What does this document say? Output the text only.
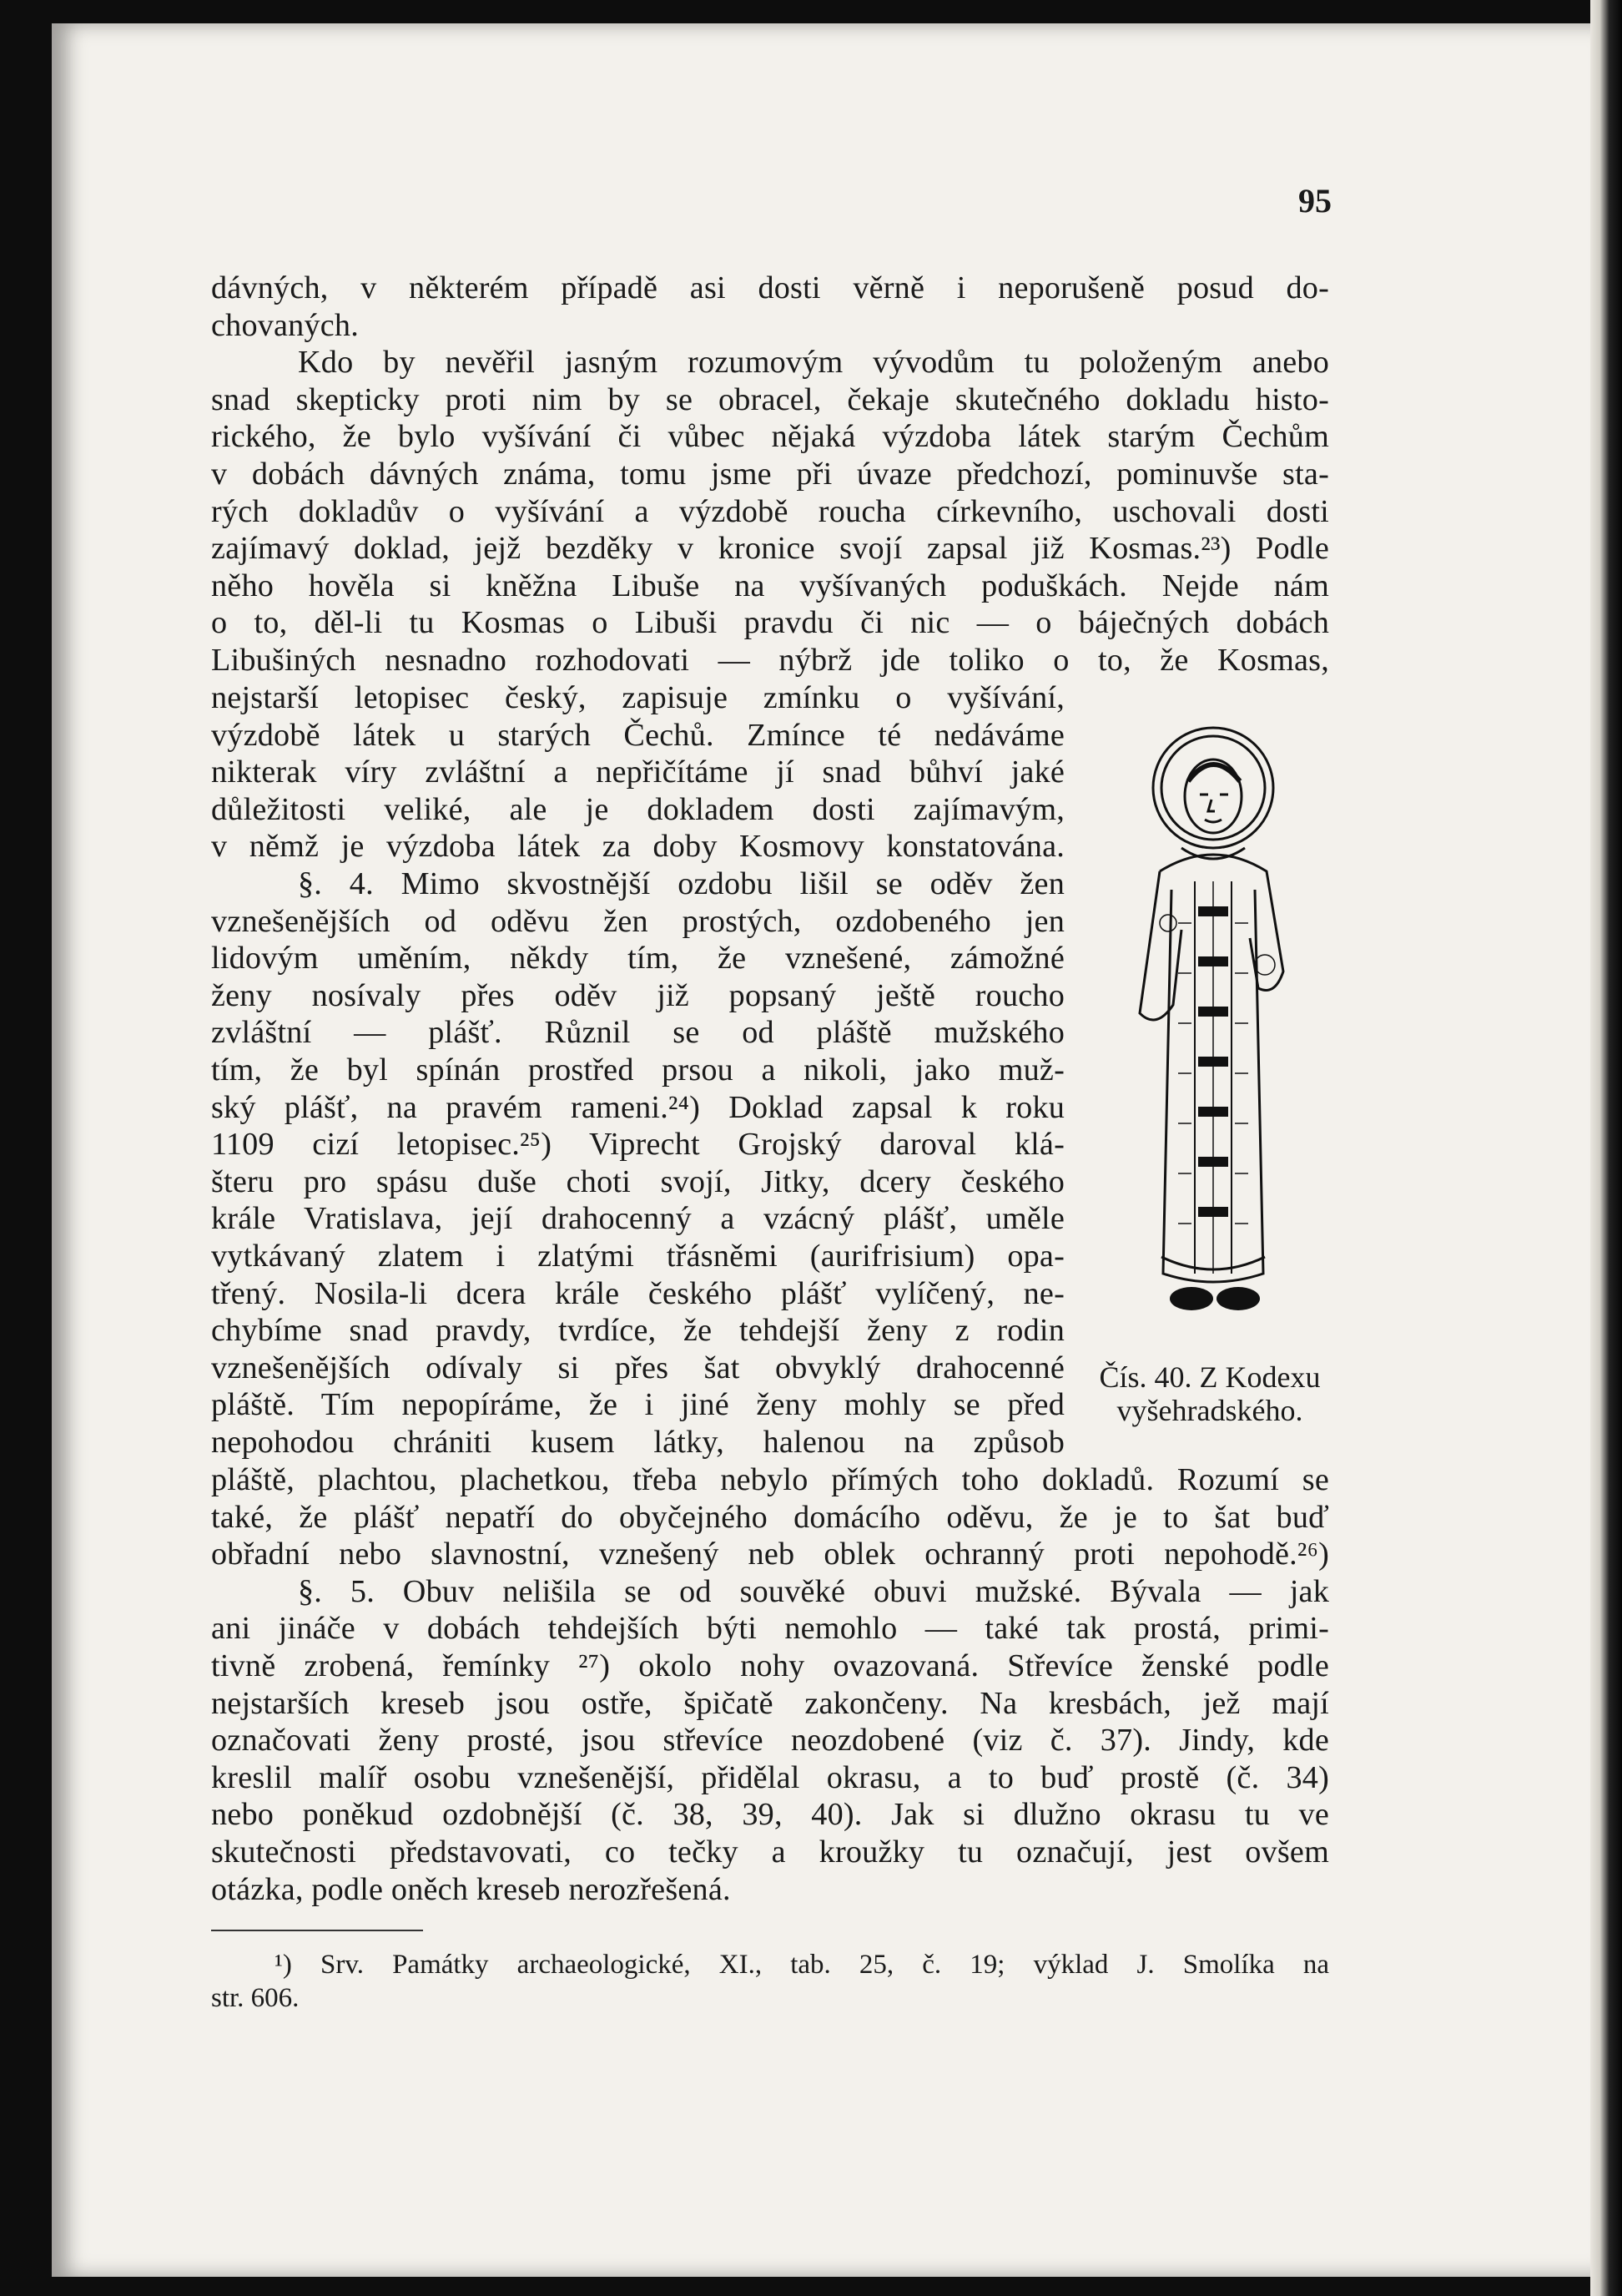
95
dávných, v některém případě asi dosti věrně i neporušeně posud do-
chovaných.
Kdo by nevěřil jasným rozumovým vývodům tu položeným anebo
snad skepticky proti nim by se obracel, čekaje skutečného dokladu histo-
rického, že bylo vyšívání či vůbec nějaká výzdoba látek starým Čechům
v dobách dávných známa, tomu jsme při úvaze předchozí, pominuvše sta-
rých dokladův o vyšívání a výzdobě roucha církevního, uschovali dosti
zajímavý doklad, jejž bezděky v kronice svojí zapsal již Kosmas.²³) Podle
něho hověla si kněžna Libuše na vyšívaných poduškách. Nejde nám
o to, děl-li tu Kosmas o Libuši pravdu či nic — o báječných dobách
Libušiných nesnadno rozhodovati — nýbrž jde toliko o to, že Kosmas,
nejstarší letopisec český, zapisuje zmínku o vyšívání,
výzdobě látek u starých Čechů. Zmínce té nedáváme
nikterak víry zvláštní a nepřičítáme jí snad bůhví jaké
důležitosti veliké, ale je dokladem dosti zajímavým,
v němž je výzdoba látek za doby Kosmovy konstatována.
§. 4. Mimo skvostnější ozdobu lišil se oděv žen
vznešenějších od oděvu žen prostých, ozdobeného jen
lidovým uměním, někdy tím, že vznešené, zámožné
ženy nosívaly přes oděv již popsaný ještě roucho
zvláštní — plášť. Různil se od pláště mužského
tím, že byl spínán prostřed prsou a nikoli, jako muž-
ský plášť, na pravém rameni.²⁴) Doklad zapsal k roku
1109 cizí letopisec.²⁵) Viprecht Grojský daroval klá-
šteru pro spásu duše choti svojí, Jitky, dcery českého
krále Vratislava, její drahocenný a vzácný plášť, uměle
vytkávaný zlatem i zlatými třásněmi (aurifrisium) opa-
třený. Nosila-li dcera krále českého plášť vylíčený, ne-
chybíme snad pravdy, tvrdíce, že tehdejší ženy z rodin
vznešenějších odívaly si přes šat obvyklý drahocenné
pláště. Tím nepopíráme, že i jiné ženy mohly se před
nepohodou chrániti kusem látky, halenou na způsob
Čís. 40. Z Kodexu
vyšehradského.
pláště, plachtou, plachetkou, třeba nebylo přímých toho dokladů. Rozumí se
také, že plášť nepatří do obyčejného domácího oděvu, že je to šat buď
obřadní nebo slavnostní, vznešený neb oblek ochranný proti nepohodě.²⁶)
§. 5. Obuv nelišila se od souvěké obuvi mužské. Bývala — jak
ani jináče v dobách tehdejších býti nemohlo — také tak prostá, primi-
tivně zrobená, řemínky ²⁷) okolo nohy ovazovaná. Střevíce ženské podle
nejstarších kreseb jsou ostře, špičatě zakončeny. Na kresbách, jež mají
označovati ženy prosté, jsou střevíce neozdobené (viz č. 37). Jindy, kde
kreslil malíř osobu vznešenější, přidělal okrasu, a to buď prostě (č. 34)
nebo poněkud ozdobnější (č. 38, 39, 40). Jak si dlužno okrasu tu ve
skutečnosti představovati, co tečky a kroužky tu označují, jest ovšem
otázka, podle oněch kreseb nerozřešená.
¹) Srv. Památky archaeologické, XI., tab. 25, č. 19; výklad J. Smolíka na
str. 606.
